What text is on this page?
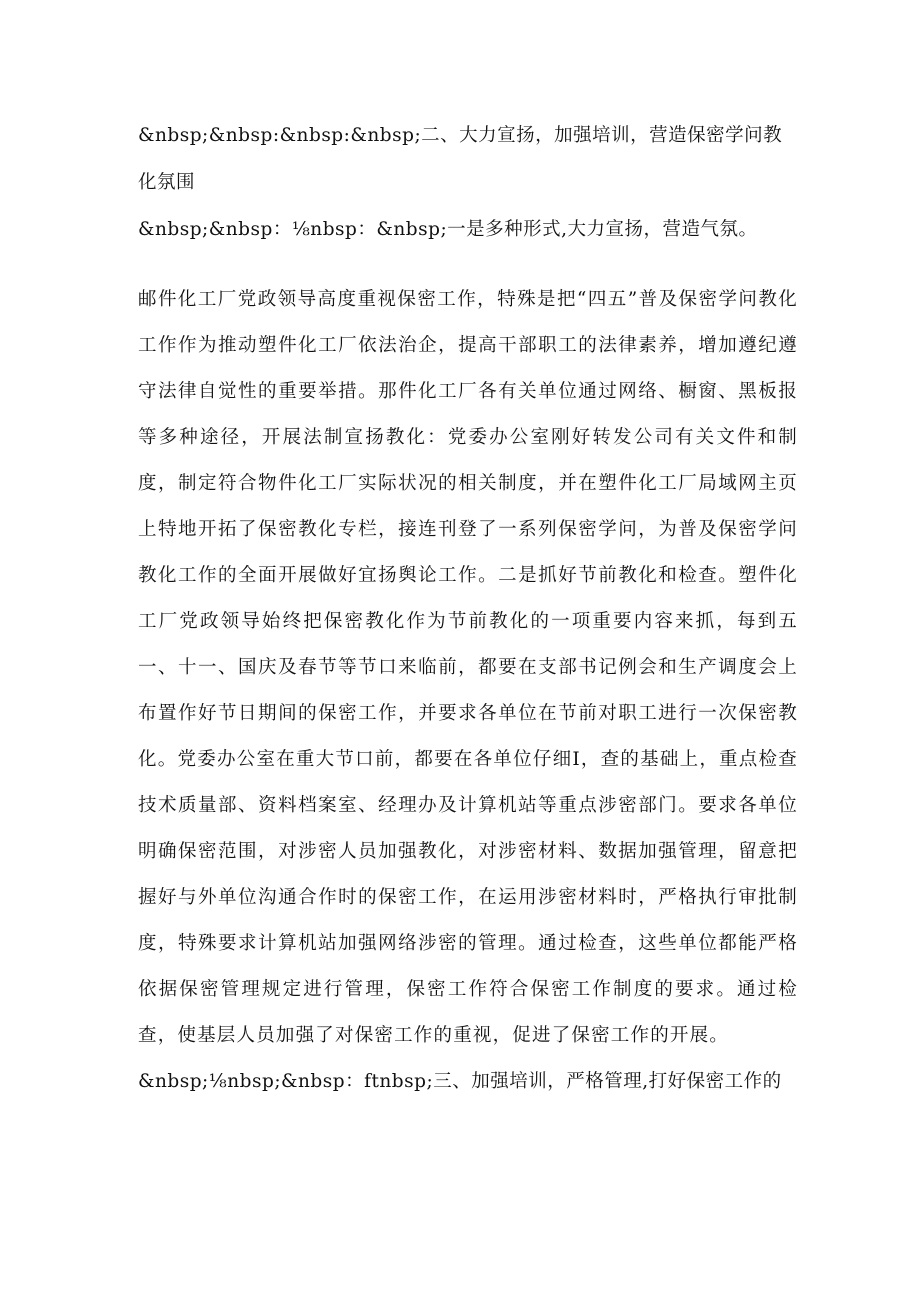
&nbsp;&nbsp:&nbsp:&nbsp;二、大力宣扬，加强培训，营造保密学问教化氛围

&nbsp;&nbsp：⅛nbsp：&nbsp;一是多种形式,大力宣扬，营造气氛。

邮件化工厂党政领导高度重视保密工作，特殊是把“四五”普及保密学问教化工作作为推动塑件化工厂依法治企，提高干部职工的法律素养，增加遵纪遵守法律自觉性的重要举措。那件化工厂各有关单位通过网络、橱窗、黑板报等多种途径，开展法制宣扬教化：党委办公室刚好转发公司有关文件和制度，制定符合物件化工厂实际状况的相关制度，并在塑件化工厂局域网主页上特地开拓了保密教化专栏，接连刊登了一系列保密学问，为普及保密学问教化工作的全面开展做好宜扬舆论工作。二是抓好节前教化和检查。塑件化工厂党政领导始终把保密教化作为节前教化的一项重要内容来抓，每到五一、十一、国庆及春节等节口来临前，都要在支部书记例会和生产调度会上布置作好节日期间的保密工作，并要求各单位在节前对职工进行一次保密教化。党委办公室在重大节口前，都要在各单位仔细I，查的基础上，重点检查技术质量部、资料档案室、经理办及计算机站等重点涉密部门。要求各单位明确保密范围，对涉密人员加强教化，对涉密材料、数据加强管理，留意把握好与外单位沟通合作时的保密工作，在运用涉密材料时，严格执行审批制度，特殊要求计算机站加强网络涉密的管理。通过检查，这些单位都能严格依据保密管理规定进行管理，保密工作符合保密工作制度的要求。通过检查，使基层人员加强了对保密工作的重视，促进了保密工作的开展。

&nbsp;⅛nbsp;&nbsp：ftnbsp;三、加强培训，严格管理,打好保密工作的
